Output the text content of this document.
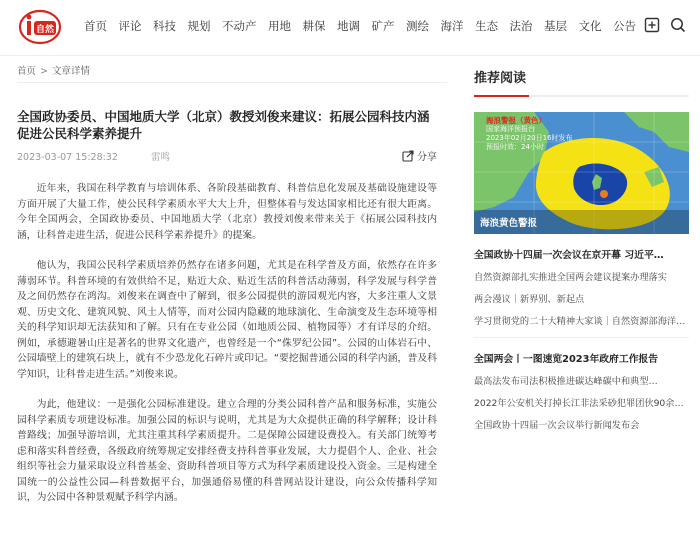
自然	首页 评论 科技 规划 不动产 用地 耕保 地调 矿产 测绘 海洋 生态 法治 基层 文化 公告
首页 > 文章详情
全国政协委员、中国地质大学（北京）教授刘俊来建议：拓展公园科技内涵促进公民科学素养提升
2023-03-07 15:28:32	雷鸣	分享

近年来，我国在科学教育与培训体系、各阶段基础教育、科普信息化发展及基础设施建设等方面开展了大量工作，使公民科学素质水平大大上升，但整体看与发达国家相比还有很大距离。今年全国两会，全国政协委员、中国地质大学（北京）教授刘俊来带来关于《拓展公园科技内涵，让科普走进生活，促进公民科学素养提升》的提案。

他认为，我国公民科学素质培养仍然存在诸多问题，尤其是在科学普及方面，依然存在许多薄弱环节。科普环境的有效供给不足，贴近大众、贴近生活的科普活动薄弱，科学发展与科学普及之间仍然存在鸿沟。刘俊来在调查中了解到，很多公园提供的游园观光内容，大多注重人文景观、历史文化、建筑风貌、风土人情等，而对公园内隐藏的地球演化、生命演变及生态环境等相关的科学知识却无法获知和了解。只有在专业公园（如地质公园、植物园等）才有详尽的介绍。例如，承德避暑山庄是著名的世界文化遗产，也曾经是一个“侏罗纪公园”。公园的山体岩石中、公园墙壁上的建筑石块上，就有不少恐龙化石碎片或印记。“要挖掘普通公园的科学内涵，普及科学知识，让科普走进生活。”刘俊来说。

为此，他建议：一是强化公园标准建设。建立合理的分类公园科普产品和服务标准，实施公园科学素质专项建设标准。加强公园的标识与说明，尤其是为大众提供正确的科学解释；设计科普路线；加强导游培训，尤其注重其科学素质提升。二是保障公园建设费投入。有关部门统筹考虑和落实科普经费，各级政府统筹规定安排经费支持科普事业发展，大力提倡个人、企业、社会组织等社会力量采取设立科普基金、资助科普项目等方式为科学素质建设投入资金。三是构建全国统一的公益性公园—科普数据平台，加强通俗易懂的科普网站设计建设，向公众传播科学知识，为公园中各种景观赋予科学内涵。

推荐阅读
海浪警报（黄色）
国家海洋预报台
2023年02月20日16时发布
预报时效：24小时
海浪黄色警报
全国政协十四届一次会议在京开幕 习近平…
自然资源部扎实推进全国两会建议提案办理落实
两会漫议｜新界别、新起点
学习贯彻党的二十大精神大家谈｜自然资源部海洋…
全国两会丨一图速览2023年政府工作报告
最高法发布司法积极推进碳达峰碳中和典型…
2022年公安机关打掉长江非法采砂犯罪团伙90余…
全国政协十四届一次会议举行新闻发布会
